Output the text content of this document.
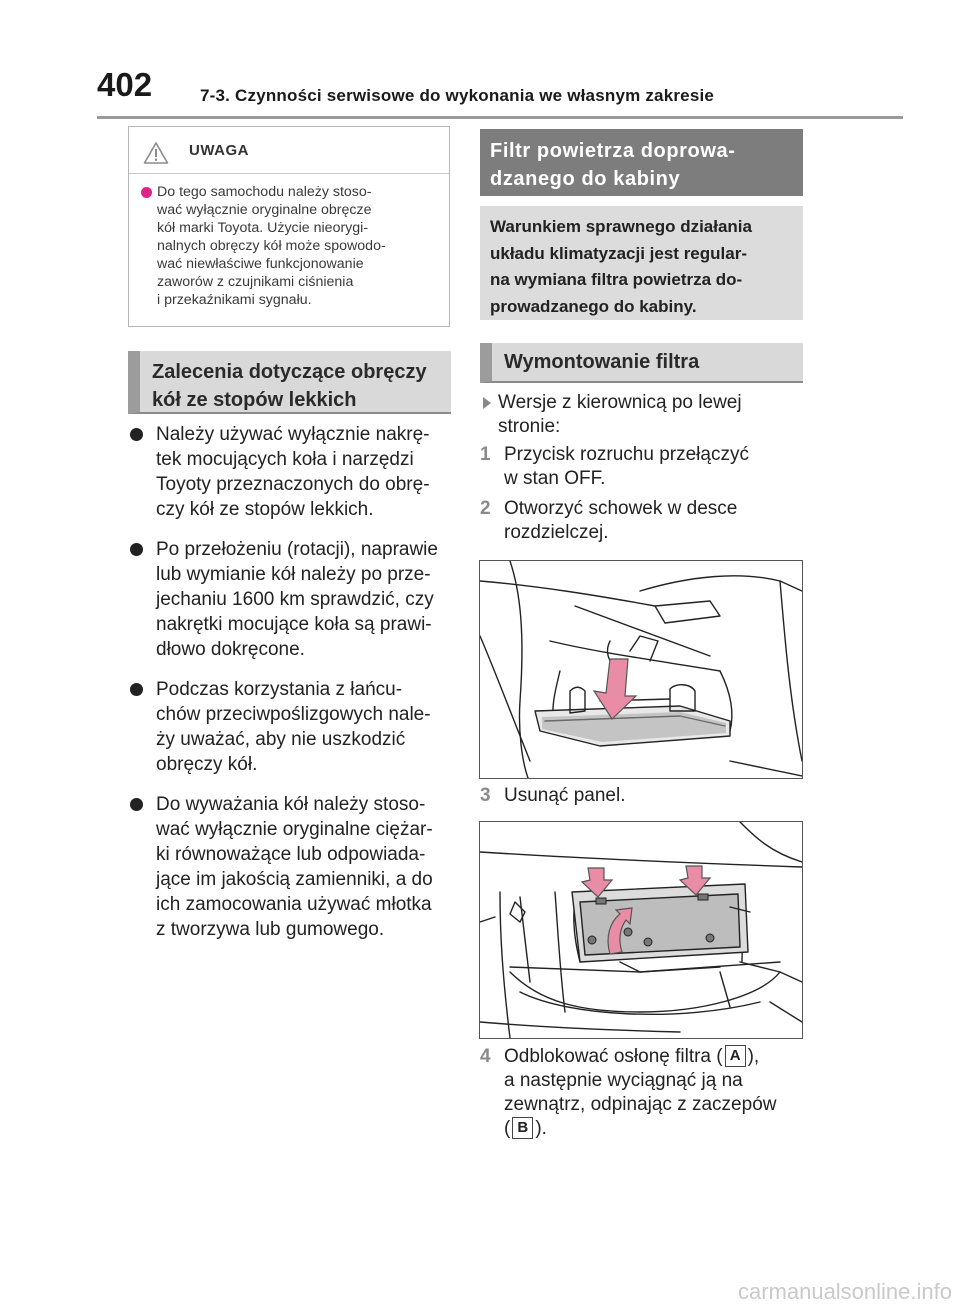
402	7-3. Czynności serwisowe do wykonania we własnym zakresie
UWAGA
Do tego samochodu należy stoso-
wać wyłącznie oryginalne obręcze
kół marki Toyota. Użycie nieorygi-
nalnych obręczy kół może spowodo-
wać niewłaściwe funkcjonowanie
zaworów z czujnikami ciśnienia
i przekaźnikami sygnału.
Zalecenia dotyczące obręczy
kół ze stopów lekkich
Należy używać wyłącznie nakrę-
tek mocujących koła i narzędzi
Toyoty przeznaczonych do obrę-
czy kół ze stopów lekkich.
Po przełożeniu (rotacji), naprawie
lub wymianie kół należy po prze-
jechaniu 1600 km sprawdzić, czy
nakrętki mocujące koła są prawi-
dłowo dokręcone.
Podczas korzystania z łańcu-
chów przeciwpoślizgowych nale-
ży uważać, aby nie uszkodzić
obręczy kół.
Do wyważania kół należy stoso-
wać wyłącznie oryginalne ciężar-
ki równoważące lub odpowiada-
jące im jakością zamienniki, a do
ich zamocowania używać młotka
z tworzywa lub gumowego.
Filtr powietrza doprowa-
dzanego do kabiny
Warunkiem sprawnego działania
układu klimatyzacji jest regular-
na wymiana filtra powietrza do-
prowadzanego do kabiny.
Wymontowanie filtra
Wersje z kierownicą po lewej
stronie:
1 Przycisk rozruchu przełączyć
w stan OFF.
2 Otworzyć schowek w desce
rozdzielczej.
3 Usunąć panel.
4 Odblokować osłonę filtra ( A ),
a następnie wyciągnąć ją na
zewnątrz, odpinając z zaczepów
( B ).
carmanualsonline.info
